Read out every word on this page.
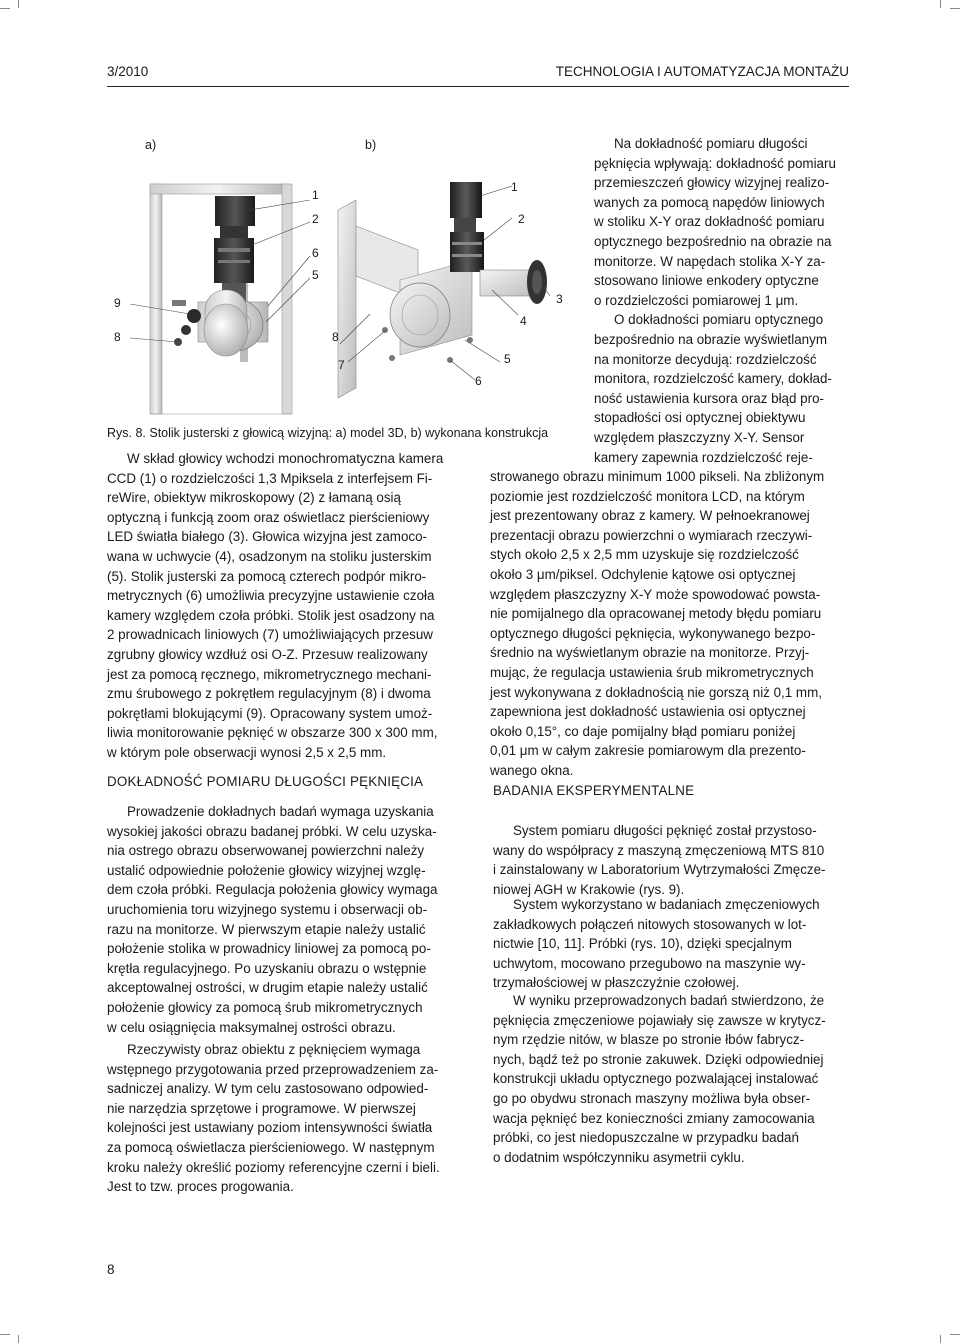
3/2010	TECHNOLOGIA I AUTOMATYZACJA MONTAŻU
a)	b)
1
2
6
5
9
8
1
2
3
4
5
6
7
8
Rys. 8. Stolik justerski z głowicą wizyjną: a) model 3D, b) wykonana konstrukcja

W skład głowicy wchodzi monochromatyczna kamera

CCD (1) o rozdzielczości 1,3 Mpiksela z interfejsem Fi-

reWire, obiektyw mikroskopowy (2) z łamaną osią

optyczną i funkcją zoom oraz oświetlacz pierścieniowy

LED światła białego (3). Głowica wizyjna jest zamoco-

wana w uchwycie (4), osadzonym na stoliku justerskim

(5). Stolik justerski za pomocą czterech podpór mikro-

metrycznych (6) umożliwia precyzyjne ustawienie czoła

kamery względem czoła próbki. Stolik jest osadzony na

2 prowadnicach liniowych (7) umożliwiających przesuw

zgrubny głowicy wzdłuż osi O-Z. Przesuw realizowany

jest za pomocą ręcznego, mikrometrycznego mechani-

zmu śrubowego z pokrętłem regulacyjnym (8) i dwoma

pokrętłami blokującymi (9). Opracowany system umoż-

liwia monitorowanie pęknięć w obszarze 300 x 300 mm,

w którym pole obserwacji wynosi 2,5 x 2,5 mm.

DOKŁADNOŚĆ POMIARU DŁUGOŚCI PĘKNIĘCIA

Prowadzenie dokładnych badań wymaga uzyskania

wysokiej jakości obrazu badanej próbki. W celu uzyska-

nia ostrego obrazu obserwowanej powierzchni należy

ustalić odpowiednie położenie głowicy wizyjnej wzglę-

dem czoła próbki. Regulacja położenia głowicy wymaga

uruchomienia toru wizyjnego systemu i obserwacji ob-

razu na monitorze. W pierwszym etapie należy ustalić

położenie stolika w prowadnicy liniowej za pomocą po-

krętła regulacyjnego. Po uzyskaniu obrazu o wstępnie

akceptowalnej ostrości, w drugim etapie należy ustalić

położenie głowicy za pomocą śrub mikrometrycznych

w celu osiągnięcia maksymalnej ostrości obrazu.

Rzeczywisty obraz obiektu z pęknięciem wymaga

wstępnego przygotowania przed przeprowadzeniem za-

sadniczej analizy. W tym celu zastosowano odpowied-

nie narzędzia sprzętowe i programowe. W pierwszej

kolejności jest ustawiany poziom intensywności światła

za pomocą oświetlacza pierścieniowego. W następnym

kroku należy określić poziomy referencyjne czerni i bieli.

Jest to tzw. proces progowania.

Na dokładność pomiaru długości

pęknięcia wpływają: dokładność pomiaru

przemieszczeń głowicy wizyjnej realizo-

wanych za pomocą napędów liniowych

w stoliku X-Y oraz dokładność pomiaru

optycznego bezpośrednio na obrazie na

monitorze. W napędach stolika X-Y za-

stosowano liniowe enkodery optyczne

o rozdzielczości pomiarowej 1 μm.

O dokładności pomiaru optycznego

bezpośrednio na obrazie wyświetlanym

na monitorze decydują: rozdzielczość

monitora, rozdzielczość kamery, dokład-

ność ustawienia kursora oraz błąd pro-

stopadłości osi optycznej obiektywu

względem płaszczyzny X-Y. Sensor

kamery zapewnia rozdzielczość reje-

strowanego obrazu minimum 1000 pikseli. Na zbliżonym

poziomie jest rozdzielczość monitora LCD, na którym

jest prezentowany obraz z kamery. W pełnoekranowej

prezentacji obrazu powierzchni o wymiarach rzeczywi-

stych około 2,5 x 2,5 mm uzyskuje się rozdzielczość

około 3 μm/piksel. Odchylenie kątowe osi optycznej

względem płaszczyzny X-Y może spowodować powsta-

nie pomijalnego dla opracowanej metody błędu pomiaru

optycznego długości pęknięcia, wykonywanego bezpo-

średnio na wyświetlanym obrazie na monitorze. Przyj-

mując, że regulacja ustawienia śrub mikrometrycznych

jest wykonywana z dokładnością nie gorszą niż 0,1 mm,

zapewniona jest dokładność ustawienia osi optycznej

około 0,15°, co daje pomijalny błąd pomiaru poniżej

0,01 μm w całym zakresie pomiarowym dla prezento-

wanego okna.

BADANIA EKSPERYMENTALNE

System pomiaru długości pęknięć został przystoso-

wany do współpracy z maszyną zmęczeniową MTS 810

i zainstalowany w Laboratorium Wytrzymałości Zmęcze-

niowej AGH w Krakowie (rys. 9).

System wykorzystano w badaniach zmęczeniowych

zakładkowych połączeń nitowych stosowanych w lot-

nictwie [10, 11]. Próbki (rys. 10), dzięki specjalnym

uchwytom, mocowano przegubowo na maszynie wy-

trzymałościowej w płaszczyźnie czołowej.

W wyniku przeprowadzonych badań stwierdzono, że

pęknięcia zmęczeniowe pojawiały się zawsze w krytycz-

nym rzędzie nitów, w blasze po stronie łbów fabrycz-

nych, bądź też po stronie zakuwek. Dzięki odpowiedniej

konstrukcji układu optycznego pozwalającej instalować

go po obydwu stronach maszyny możliwa była obser-

wacja pęknięć bez konieczności zmiany zamocowania

próbki, co jest niedopuszczalne w przypadku badań

o dodatnim współczynniku asymetrii cyklu.

8
